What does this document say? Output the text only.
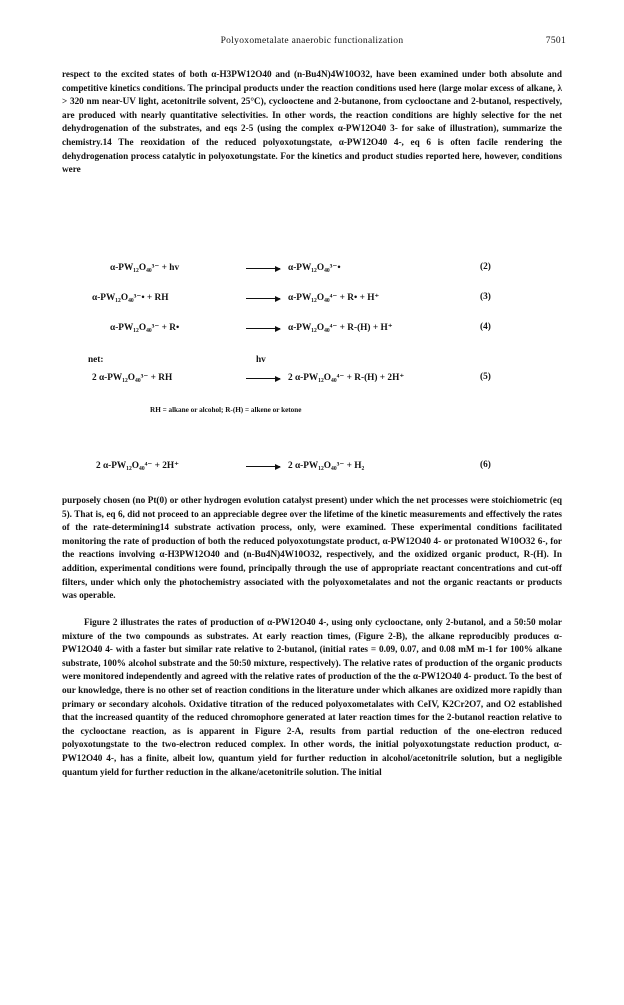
Polyoxometalate anaerobic functionalization	7501

respect to the excited states of both α-H3PW12O40 and (n-Bu4N)4W10O32, have been examined under both absolute and competitive kinetics conditions. The principal products under the reaction conditions used here (large molar excess of alkane, λ > 320 nm near-UV light, acetonitrile solvent, 25°C), cyclooctene and 2-butanone, from cyclooctane and 2-butanol, respectively, are produced with nearly quantitative selectivities. In other words, the reaction conditions are highly selective for the net dehydrogenation of the substrates, and eqs 2-5 (using the complex α-PW12O40 3- for sake of illustration), summarize the chemistry.14 The reoxidation of the reduced polyoxotungstate, α-PW12O40 4-, eq 6 is often facile rendering the dehydrogenation process catalytic in polyoxotungstate. For the kinetics and product studies reported here, however, conditions were

α-PW₁₂O₄₀³⁻ + hv	α-PW₁₂O₄₀³⁻•	(2)
α-PW₁₂O₄₀³⁻• + RH	α-PW₁₂O₄₀⁴⁻ + R• + H⁺	(3)
α-PW₁₂O₄₀³⁻ + R•	α-PW₁₂O₄₀⁴⁻ + R-(H) + H⁺	(4)
net:	hv
2 α-PW₁₂O₄₀³⁻ + RH	2 α-PW₁₂O₄₀⁴⁻ + R-(H) + 2H⁺	(5)
RH = alkane or alcohol; R-(H) = alkene or ketone
2 α-PW₁₂O₄₀⁴⁻ + 2H⁺	2 α-PW₁₂O₄₀³⁻ + H₂	(6)

purposely chosen (no Pt(0) or other hydrogen evolution catalyst present) under which the net processes were stoichiometric (eq 5). That is, eq 6, did not proceed to an appreciable degree over the lifetime of the kinetic measurements and effectively the rates of the rate-determining14 substrate activation process, only, were examined. These experimental conditions facilitated monitoring the rate of production of both the reduced polyoxotungstate product, α-PW12O40 4- or protonated W10O32 6-, for the reactions involving α-H3PW12O40 and (n-Bu4N)4W10O32, respectively, and the oxidized organic product, R-(H). In addition, experimental conditions were found, principally through the use of appropriate reactant concentrations and cut-off filters, under which only the photochemistry associated with the polyoxometalates and not the organic reactants or products was operable.

Figure 2 illustrates the rates of production of α-PW12O40 4-, using only cyclooctane, only 2-butanol, and a 50:50 molar mixture of the two compounds as substrates. At early reaction times, (Figure 2-B), the alkane reproducibly produces α-PW12O40 4- with a faster but similar rate relative to 2-butanol, (initial rates = 0.09, 0.07, and 0.08 mM m-1 for 100% alkane substrate, 100% alcohol substrate and the 50:50 mixture, respectively). The relative rates of production of the organic products were monitored independently and agreed with the relative rates of production of the the α-PW12O40 4- product. To the best of our knowledge, there is no other set of reaction conditions in the literature under which alkanes are oxidized more rapidly than primary or secondary alcohols. Oxidative titration of the reduced polyoxometalates with CeIV, K2Cr2O7, and O2 established that the increased quantity of the reduced chromophore generated at later reaction times for the 2-butanol reaction relative to the cyclooctane reaction, as is apparent in Figure 2-A, results from partial reduction of the one-electron reduced polyoxotungstate to the two-electron reduced complex. In other words, the initial polyoxotungstate reduction product, α-PW12O40 4-, has a finite, albeit low, quantum yield for further reduction in alcohol/acetonitrile solution, but a negligible quantum yield for further reduction in the alkane/acetonitrile solution. The initial
